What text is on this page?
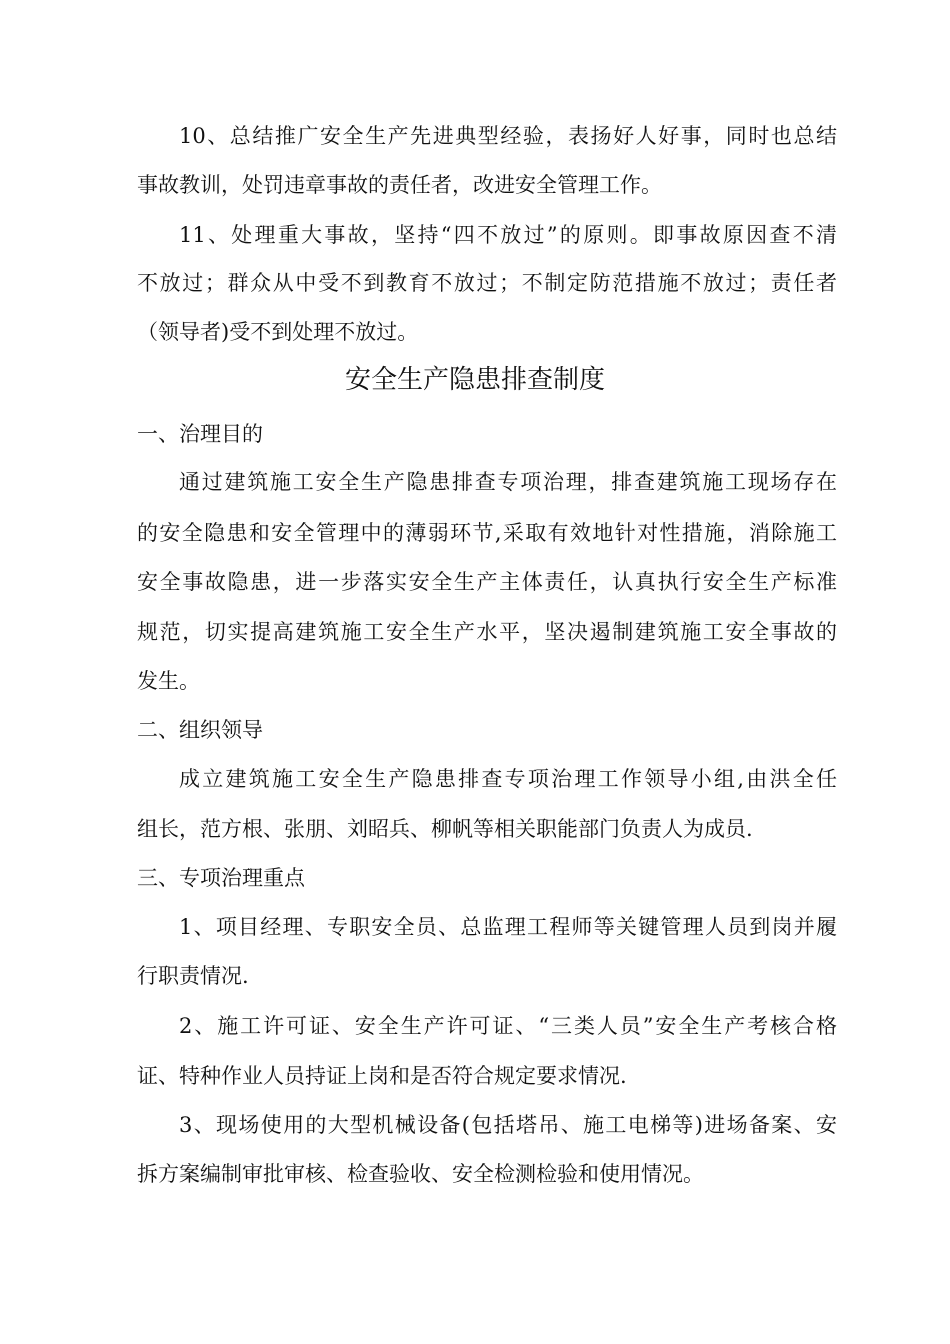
10、总结推广安全生产先进典型经验，表扬好人好事，同时也总结
事故教训，处罚违章事故的责任者，改进安全管理工作。
11、处理重大事故，坚持“四不放过”的原则。即事故原因查不清
不放过；群众从中受不到教育不放过；不制定防范措施不放过；责任者
（领导者)受不到处理不放过。
安全生产隐患排查制度
一、治理目的
通过建筑施工安全生产隐患排查专项治理，排查建筑施工现场存在
的安全隐患和安全管理中的薄弱环节,采取有效地针对性措施，消除施工
安全事故隐患，进一步落实安全生产主体责任，认真执行安全生产标准
规范，切实提高建筑施工安全生产水平，坚决遏制建筑施工安全事故的
发生。
二、组织领导
成立建筑施工安全生产隐患排查专项治理工作领导小组,由洪全任
组长，范方根、张朋、刘昭兵、柳帆等相关职能部门负责人为成员.
三、专项治理重点
1、项目经理、专职安全员、总监理工程师等关键管理人员到岗并履
行职责情况.
2、施工许可证、安全生产许可证、“三类人员”安全生产考核合格
证、特种作业人员持证上岗和是否符合规定要求情况.
3、现场使用的大型机械设备(包括塔吊、施工电梯等)进场备案、安
拆方案编制审批审核、检查验收、安全检测检验和使用情况。
